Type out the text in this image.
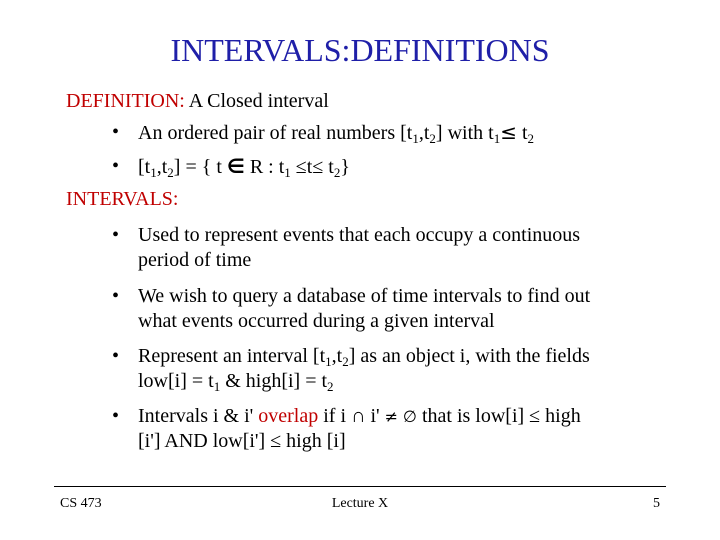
INTERVALS:DEFINITIONS
DEFINITION: A Closed interval
• An ordered pair of real numbers $[t_1,t_2]$ with $t_1\le t_2$
• $[t_1,t_2]$ = { t ∈ R : $t_1 \le t\le t_2$}
INTERVALS:
• Used to represent events that each occupy a continuous
period of time
• We wish to query a database of time intervals to find out
what events occurred during a given interval
• Represent an interval $[t_1,t_2]$ as an object i, with the fields
$low[i] = t_1$ & high[i] = $t_2$
• Intervals i & i' overlap if i ∩ i' ≠ ∅ that is low[i] ≤ high
[i'] AND low[i'] ≤ high [i]
CS 473	Lecture X	5
